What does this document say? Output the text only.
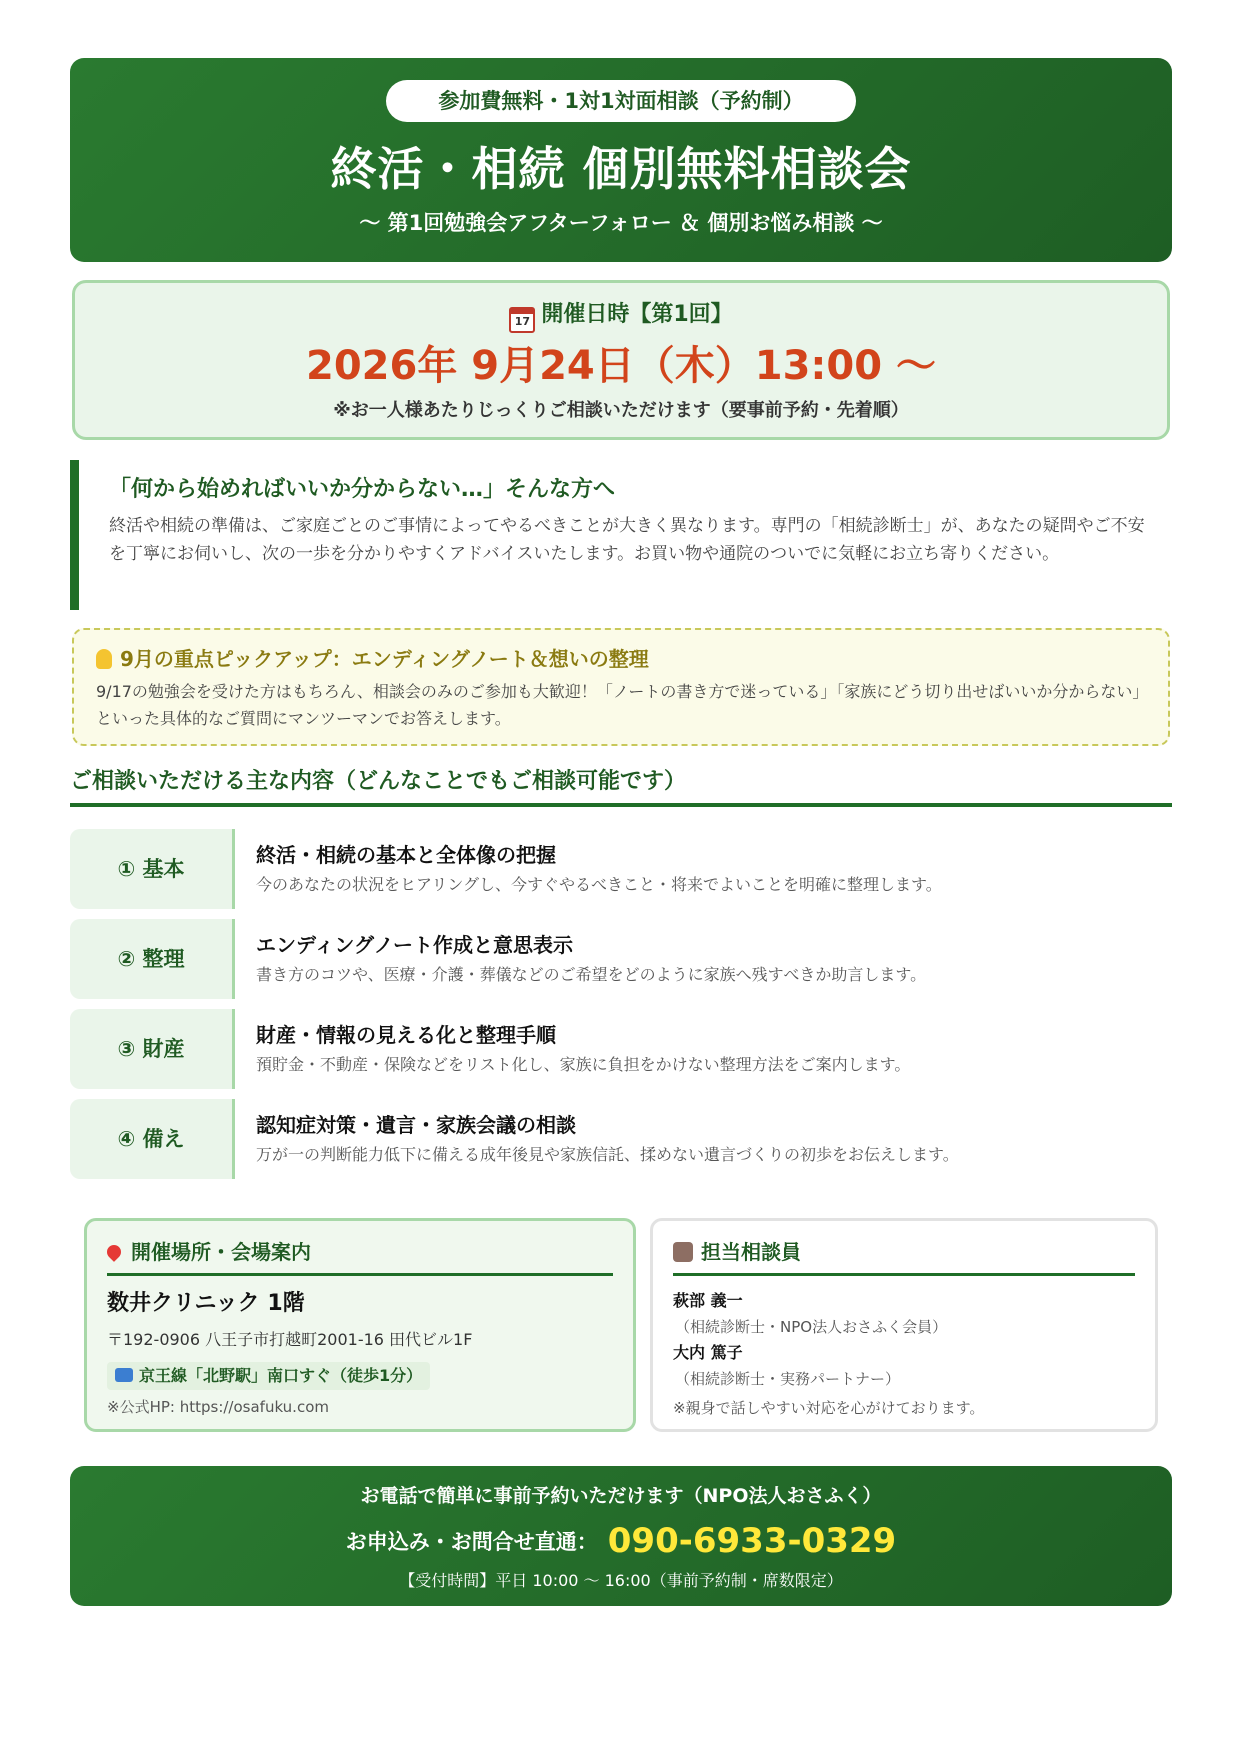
参加費無料・1対1対面相談（予約制）
終活・相続 個別無料相談会
〜 第1回勉強会アフターフォロー ＆ 個別お悩み相談 〜
17 開催日時【第1回】
2026年 9月24日（木）13:00 〜
※お一人様あたりじっくりご相談いただけます（要事前予約・先着順）
「何から始めればいいか分からない…」そんな方へ
終活や相続の準備は、ご家庭ごとのご事情によってやるべきことが大きく異なります。専門の「相続診断士」が、あなたの疑問やご不安を丁寧にお伺いし、次の一歩を分かりやすくアドバイスいたします。お買い物や通院のついでに気軽にお立ち寄りください。
9月の重点ピックアップ：エンディングノート＆想いの整理
9/17の勉強会を受けた方はもちろん、相談会のみのご参加も大歓迎！「ノートの書き方で迷っている」「家族にどう切り出せばいいか分からない」といった具体的なご質問にマンツーマンでお答えします。
ご相談いただける主な内容（どんなことでもご相談可能です）
① 基本
終活・相続の基本と全体像の把握
今のあなたの状況をヒアリングし、今すぐやるべきこと・将来でよいことを明確に整理します。
② 整理
エンディングノート作成と意思表示
書き方のコツや、医療・介護・葬儀などのご希望をどのように家族へ残すべきか助言します。
③ 財産
財産・情報の見える化と整理手順
預貯金・不動産・保険などをリスト化し、家族に負担をかけない整理方法をご案内します。
④ 備え
認知症対策・遺言・家族会議の相談
万が一の判断能力低下に備える成年後見や家族信託、揉めない遺言づくりの初歩をお伝えします。
開催場所・会場案内
数井クリニック 1階
〒192-0906 八王子市打越町2001-16 田代ビル1F
京王線「北野駅」南口すぐ（徒歩1分）
※公式HP: https://osafuku.com
担当相談員
萩部 義一
（相続診断士・NPO法人おさふく会員）
大内 篤子
（相続診断士・実務パートナー）
※親身で話しやすい対応を心がけております。
お電話で簡単に事前予約いただけます（NPO法人おさふく）
お申込み・お問合せ直通： 090-6933-0329
【受付時間】平日 10:00 〜 16:00（事前予約制・席数限定）
